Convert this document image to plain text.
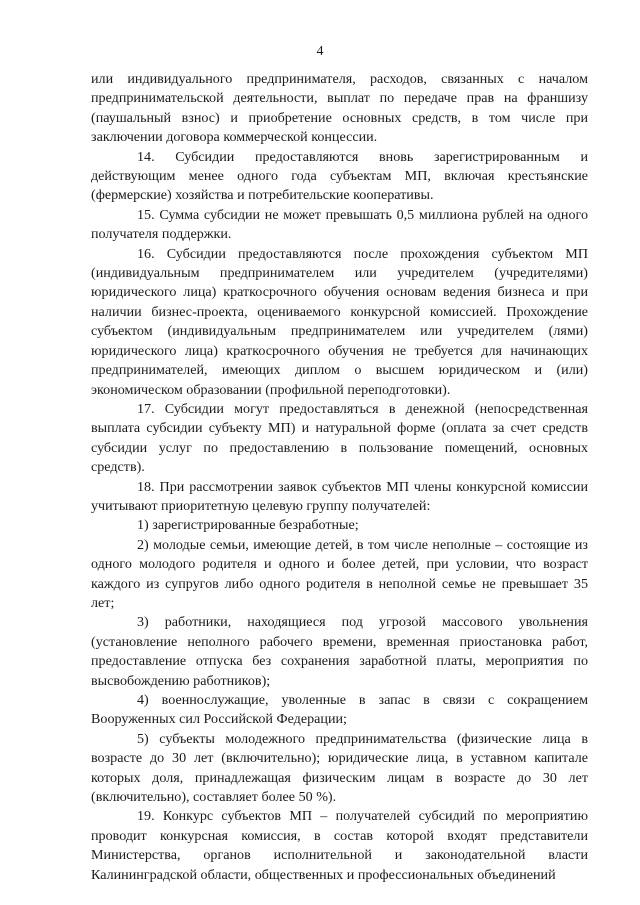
4

или индивидуального предпринимателя, расходов, связанных с началом предпринимательской деятельности, выплат по передаче прав на франшизу (паушальный взнос) и приобретение основных средств, в том числе при заключении договора коммерческой концессии.

14. Субсидии предоставляются вновь зарегистрированным и действующим менее одного года субъектам МП, включая крестьянские (фермерские) хозяйства и потребительские кооперативы.

15. Сумма субсидии не может превышать 0,5 миллиона рублей на одного получателя поддержки.

16. Субсидии предоставляются после прохождения субъектом МП (индивидуальным предпринимателем или учредителем (учредителями) юридического лица) краткосрочного обучения основам ведения бизнеса и при наличии бизнес-проекта, оцениваемого конкурсной комиссией. Прохождение субъектом (индивидуальным предпринимателем или учредителем (лями) юридического лица) краткосрочного обучения не требуется для начинающих предпринимателей, имеющих диплом о высшем юридическом и (или) экономическом образовании (профильной переподготовки).

17. Субсидии могут предоставляться в денежной (непосредственная выплата субсидии субъекту МП) и натуральной форме (оплата за счет средств субсидии услуг по предоставлению в пользование помещений, основных средств).

18. При рассмотрении заявок субъектов МП члены конкурсной комиссии учитывают приоритетную целевую группу получателей:

1) зарегистрированные безработные;

2) молодые семьи, имеющие детей, в том числе неполные – состоящие из одного молодого родителя и одного и более детей, при условии, что возраст каждого из супругов либо одного родителя в неполной семье не превышает 35 лет;

3) работники, находящиеся под угрозой массового увольнения (установление неполного рабочего времени, временная приостановка работ, предоставление отпуска без сохранения заработной платы, мероприятия по высвобождению работников);

4) военнослужащие, уволенные в запас в связи с сокращением Вооруженных сил Российской Федерации;

5) субъекты молодежного предпринимательства (физические лица в возрасте до 30 лет (включительно); юридические лица, в уставном капитале которых доля, принадлежащая физическим лицам в возрасте до 30 лет (включительно), составляет более 50 %).

19. Конкурс субъектов МП – получателей субсидий по мероприятию проводит конкурсная комиссия, в состав которой входят представители Министерства, органов исполнительной и законодательной власти Калининградской области, общественных и профессиональных объединений
